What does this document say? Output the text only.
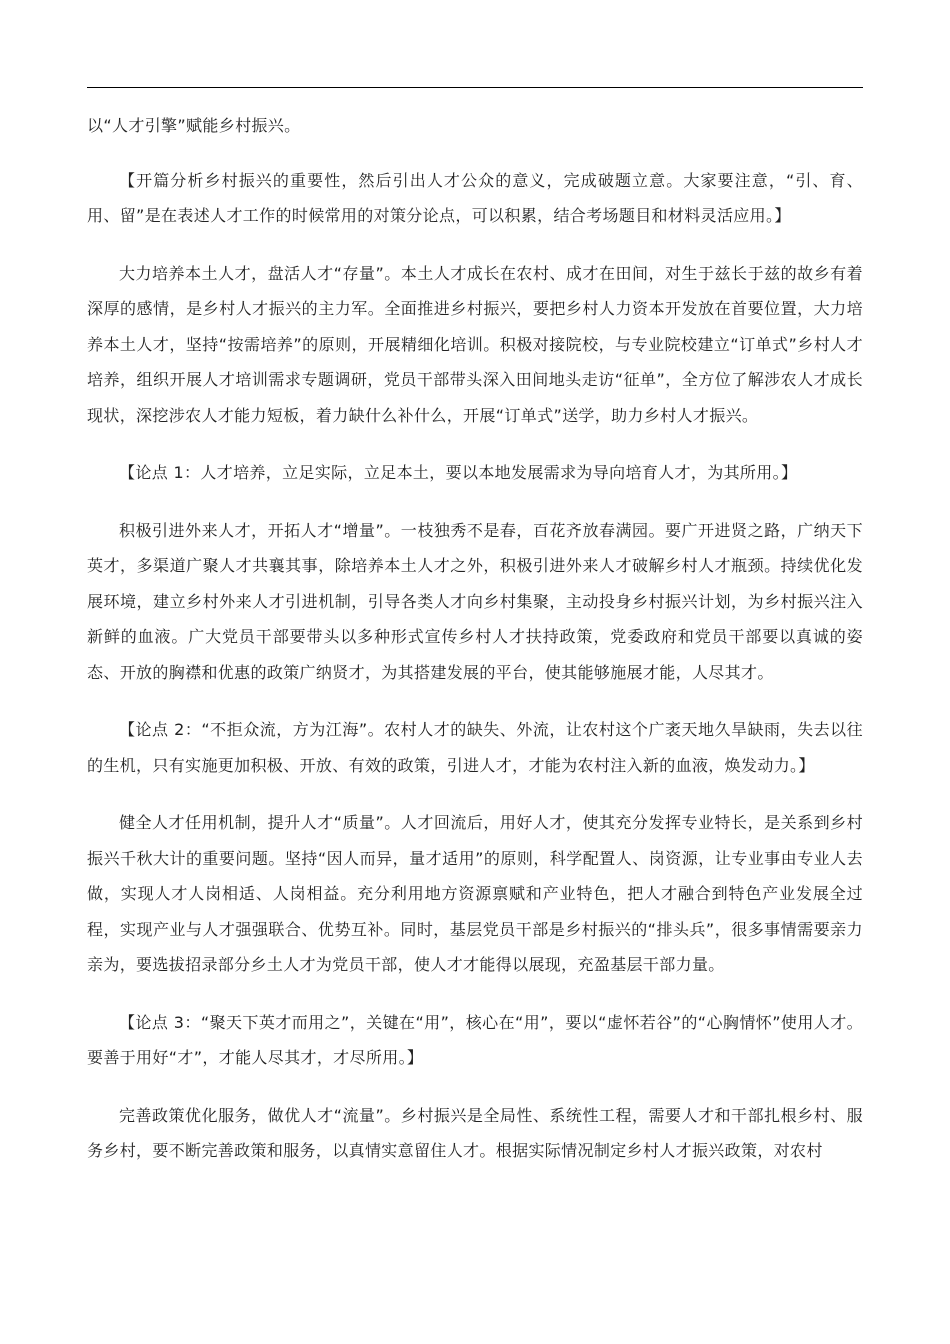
以“人才引擎”赋能乡村振兴。

【开篇分析乡村振兴的重要性，然后引出人才公众的意义，完成破题立意。大家要注意，“引、育、用、留”是在表述人才工作的时候常用的对策分论点，可以积累，结合考场题目和材料灵活应用。】

大力培养本土人才，盘活人才“存量”。本土人才成长在农村、成才在田间，对生于兹长于兹的故乡有着深厚的感情，是乡村人才振兴的主力军。全面推进乡村振兴，要把乡村人力资本开发放在首要位置，大力培养本土人才，坚持“按需培养”的原则，开展精细化培训。积极对接院校，与专业院校建立“订单式”乡村人才培养，组织开展人才培训需求专题调研，党员干部带头深入田间地头走访“征单”，全方位了解涉农人才成长现状，深挖涉农人才能力短板，着力缺什么补什么，开展“订单式”送学，助力乡村人才振兴。

【论点 1：人才培养，立足实际，立足本土，要以本地发展需求为导向培育人才，为其所用。】

积极引进外来人才，开拓人才“增量”。一枝独秀不是春，百花齐放春满园。要广开进贤之路，广纳天下英才，多渠道广聚人才共襄其事，除培养本土人才之外，积极引进外来人才破解乡村人才瓶颈。持续优化发展环境，建立乡村外来人才引进机制，引导各类人才向乡村集聚，主动投身乡村振兴计划，为乡村振兴注入新鲜的血液。广大党员干部要带头以多种形式宣传乡村人才扶持政策，党委政府和党员干部要以真诚的姿态、开放的胸襟和优惠的政策广纳贤才，为其搭建发展的平台，使其能够施展才能，人尽其才。

【论点 2：“不拒众流，方为江海”。农村人才的缺失、外流，让农村这个广袤天地久旱缺雨，失去以往的生机，只有实施更加积极、开放、有效的政策，引进人才，才能为农村注入新的血液，焕发动力。】

健全人才任用机制，提升人才“质量”。人才回流后，用好人才，使其充分发挥专业特长，是关系到乡村振兴千秋大计的重要问题。坚持“因人而异，量才适用”的原则，科学配置人、岗资源，让专业事由专业人去做，实现人才人岗相适、人岗相益。充分利用地方资源禀赋和产业特色，把人才融合到特色产业发展全过程，实现产业与人才强强联合、优势互补。同时，基层党员干部是乡村振兴的“排头兵”，很多事情需要亲力亲为，要选拔招录部分乡土人才为党员干部，使人才才能得以展现，充盈基层干部力量。

【论点 3：“聚天下英才而用之”，关键在“用”，核心在“用”，要以“虚怀若谷”的“心胸情怀”使用人才。要善于用好“才”，才能人尽其才，才尽所用。】

完善政策优化服务，做优人才“流量”。乡村振兴是全局性、系统性工程，需要人才和干部扎根乡村、服务乡村，要不断完善政策和服务，以真情实意留住人才。根据实际情况制定乡村人才振兴政策，对农村
